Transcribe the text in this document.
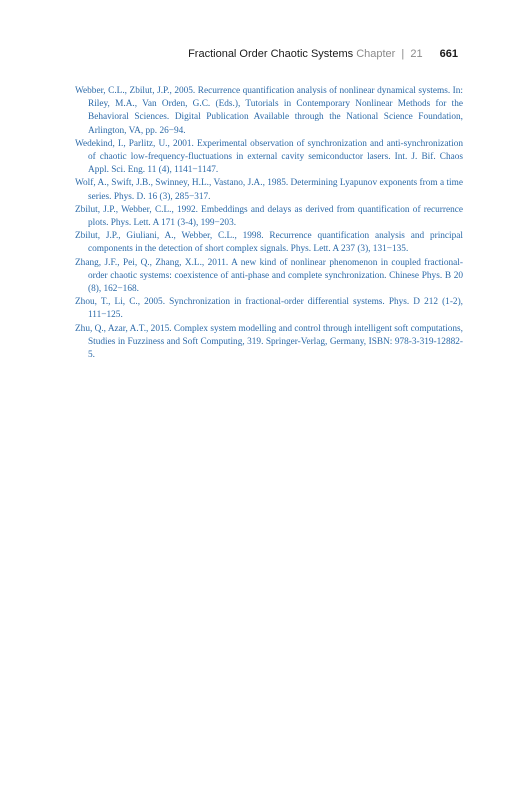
Fractional Order Chaotic Systems Chapter | 21 661
Webber, C.L., Zbilut, J.P., 2005. Recurrence quantification analysis of nonlinear dynamical systems. In: Riley, M.A., Van Orden, G.C. (Eds.), Tutorials in Contemporary Nonlinear Methods for the Behavioral Sciences. Digital Publication Available through the National Science Foundation, Arlington, VA, pp. 26−94.
Wedekind, I., Parlitz, U., 2001. Experimental observation of synchronization and anti-synchronization of chaotic low-frequency-fluctuations in external cavity semiconductor lasers. Int. J. Bif. Chaos Appl. Sci. Eng. 11 (4), 1141−1147.
Wolf, A., Swift, J.B., Swinney, H.L., Vastano, J.A., 1985. Determining Lyapunov exponents from a time series. Phys. D. 16 (3), 285−317.
Zbilut, J.P., Webber, C.L., 1992. Embeddings and delays as derived from quantification of recurrence plots. Phys. Lett. A 171 (3-4), 199−203.
Zbilut, J.P., Giuliani, A., Webber, C.L., 1998. Recurrence quantification analysis and principal components in the detection of short complex signals. Phys. Lett. A 237 (3), 131−135.
Zhang, J.F., Pei, Q., Zhang, X.L., 2011. A new kind of nonlinear phenomenon in coupled fractional-order chaotic systems: coexistence of anti-phase and complete synchronization. Chinese Phys. B 20 (8), 162−168.
Zhou, T., Li, C., 2005. Synchronization in fractional-order differential systems. Phys. D 212 (1-2), 111−125.
Zhu, Q., Azar, A.T., 2015. Complex system modelling and control through intelligent soft computations, Studies in Fuzziness and Soft Computing, 319. Springer-Verlag, Germany, ISBN: 978-3-319-12882-5.
